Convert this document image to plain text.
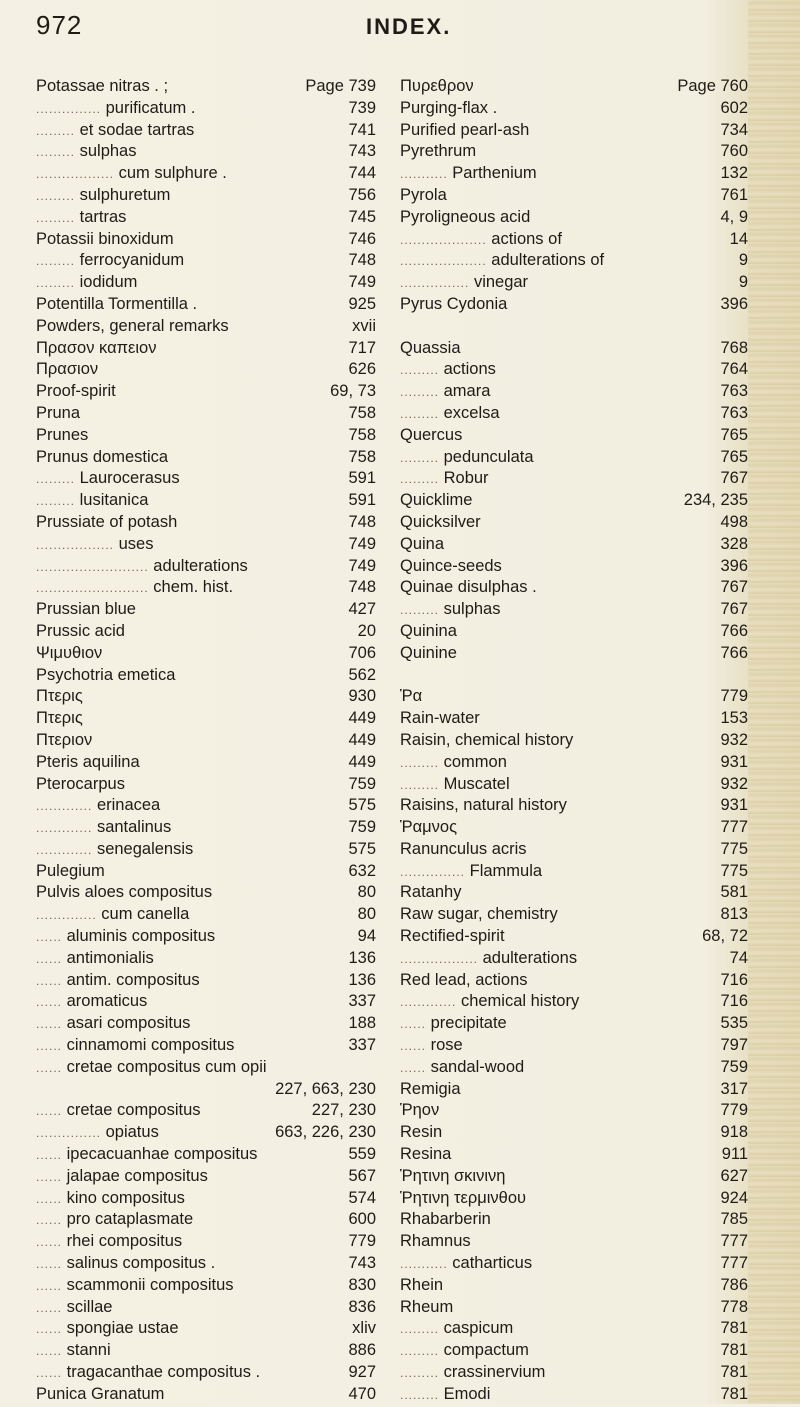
972	INDEX.
Potassae nitras . ;	Page 739
............... purificatum .	739
......... et sodae tartras	741
......... sulphas	743
.................. cum sulphure .	744
......... sulphuretum	756
......... tartras	745
Potassii binoxidum	746
......... ferrocyanidum	748
......... iodidum	749
Potentilla Tormentilla .	925
Powders, general remarks	xvii
Πρασον καπειον	717
Πρασιον	626
Proof-spirit	69, 73
Pruna	758
Prunes	758
Prunus domestica	758
......... Laurocerasus	591
......... lusitanica	591
Prussiate of potash	748
.................. uses	749
.......................... adulterations	749
.......................... chem. hist.	748
Prussian blue	427
Prussic acid	20
Ψιμυθιον	706
Psychotria emetica	562
Πτερις	930
Πτερις	449
Πτεριον	449
Pteris aquilina	449
Pterocarpus	759
............. erinacea	575
............. santalinus	759
............. senegalensis	575
Pulegium	632
Pulvis aloes compositus	80
.............. cum canella	80
...... aluminis compositus	94
...... antimonialis	136
...... antim. compositus	136
...... aromaticus	337
...... asari compositus	188
...... cinnamomi compositus	337
...... cretae compositus cum opii
227, 663, 230
...... cretae compositus	227, 230
............... opiatus	663, 226, 230
...... ipecacuanhae compositus	559
...... jalapae compositus	567
...... kino compositus	574
...... pro cataplasmate	600
...... rhei compositus	779
...... salinus compositus .	743
...... scammonii compositus	830
...... scillae	836
...... spongiae ustae	xliv
...... stanni	886
...... tragacanthae compositus .	927
Punica Granatum	470
Πυρεθρον	Page 760
Purging-flax .	602
Purified pearl-ash	734
Pyrethrum	760
........... Parthenium	132
Pyrola	761
Pyroligneous acid	4, 9
.................... actions of	14
.................... adulterations of	9
................ vinegar	9
Pyrus Cydonia	396
Quassia	768
......... actions	764
......... amara	763
......... excelsa	763
Quercus	765
......... pedunculata	765
......... Robur	767
Quicklime	234, 235
Quicksilver	498
Quina	328
Quince-seeds	396
Quinae disulphas .	767
......... sulphas	767
Quinina	766
Quinine	766
Ῥα	779
Rain-water	153
Raisin, chemical history	932
......... common	931
......... Muscatel	932
Raisins, natural history	931
Ῥαμνος	777
Ranunculus acris	775
............... Flammula	775
Ratanhy	581
Raw sugar, chemistry	813
Rectified-spirit	68, 72
.................. adulterations	74
Red lead, actions	716
............. chemical history	716
...... precipitate	535
...... rose	797
...... sandal-wood	759
Remigia	317
Ῥηον	779
Resin	918
Resina	911
Ῥητινη σκινινη	627
Ῥητινη τερμινθου	924
Rhabarberin	785
Rhamnus	777
........... catharticus	777
Rhein	786
Rheum	778
......... caspicum	781
......... compactum	781
......... crassinervium	781
......... Emodi	781
